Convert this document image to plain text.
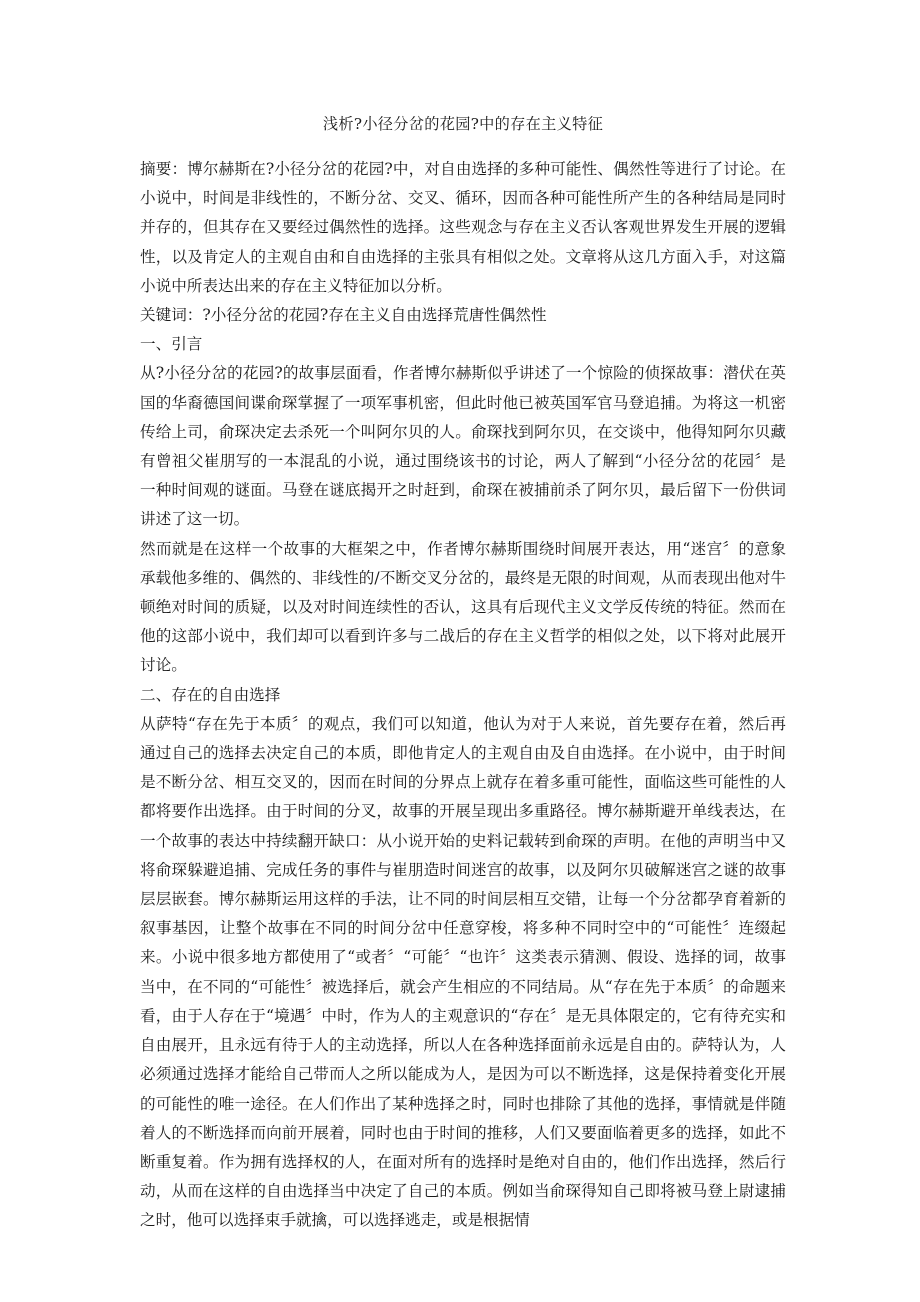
浅析?小径分岔的花园?中的存在主义特征

摘要：博尔赫斯在?小径分岔的花园?中，对自由选择的多种可能性、偶然性等进行了讨论。在小说中，时间是非线性的，不断分岔、交叉、循环，因而各种可能性所产生的各种结局是同时并存的，但其存在又要经过偶然性的选择。这些观念与存在主义否认客观世界发生开展的逻辑性，以及肯定人的主观自由和自由选择的主张具有相似之处。文章将从这几方面入手，对这篇小说中所表达出来的存在主义特征加以分析。

关键词：?小径分岔的花园?存在主义自由选择荒唐性偶然性

一、引言

从?小径分岔的花园?的故事层面看，作者博尔赫斯似乎讲述了一个惊险的侦探故事：潜伏在英国的华裔德国间谍俞琛掌握了一项军事机密，但此时他已被英国军官马登追捕。为将这一机密传给上司，俞琛决定去杀死一个叫阿尔贝的人。俞琛找到阿尔贝，在交谈中，他得知阿尔贝藏有曾祖父崔朋写的一本混乱的小说，通过围绕该书的讨论，两人了解到“小径分岔的花园〞是一种时间观的谜面。马登在谜底揭开之时赶到，俞琛在被捕前杀了阿尔贝，最后留下一份供词讲述了这一切。

然而就是在这样一个故事的大框架之中，作者博尔赫斯围绕时间展开表达，用“迷宫〞的意象承载他多维的、偶然的、非线性的/不断交叉分岔的，最终是无限的时间观，从而表现出他对牛顿绝对时间的质疑，以及对时间连续性的否认，这具有后现代主义文学反传统的特征。然而在他的这部小说中，我们却可以看到许多与二战后的存在主义哲学的相似之处，以下将对此展开讨论。

二、存在的自由选择

从萨特“存在先于本质〞的观点，我们可以知道，他认为对于人来说，首先要存在着，然后再通过自己的选择去决定自己的本质，即他肯定人的主观自由及自由选择。在小说中，由于时间是不断分岔、相互交叉的，因而在时间的分界点上就存在着多重可能性，面临这些可能性的人都将要作出选择。由于时间的分叉，故事的开展呈现出多重路径。博尔赫斯避开单线表达，在一个故事的表达中持续翻开缺口：从小说开始的史料记载转到俞琛的声明。在他的声明当中又将俞琛躲避追捕、完成任务的事件与崔朋造时间迷宫的故事，以及阿尔贝破解迷宫之谜的故事层层嵌套。博尔赫斯运用这样的手法，让不同的时间层相互交错，让每一个分岔都孕育着新的叙事基因，让整个故事在不同的时间分岔中任意穿梭，将多种不同时空中的“可能性〞连缀起来。小说中很多地方都使用了“或者〞“可能〞“也许〞这类表示猜测、假设、选择的词，故事当中，在不同的“可能性〞被选择后，就会产生相应的不同结局。从“存在先于本质〞的命题来看，由于人存在于“境遇〞中时，作为人的主观意识的“存在〞是无具体限定的，它有待充实和自由展开，且永远有待于人的主动选择，所以人在各种选择面前永远是自由的。萨特认为，人必须通过选择才能给自己带而人之所以能成为人，是因为可以不断选择，这是保持着变化开展的可能性的唯一途径。在人们作出了某种选择之时，同时也排除了其他的选择，事情就是伴随着人的不断选择而向前开展着，同时也由于时间的推移，人们又要面临着更多的选择，如此不断重复着。作为拥有选择权的人，在面对所有的选择时是绝对自由的，他们作出选择，然后行动，从而在这样的自由选择当中决定了自己的本质。例如当俞琛得知自己即将被马登上尉逮捕之时，他可以选择束手就擒，可以选择逃走，或是根据情
